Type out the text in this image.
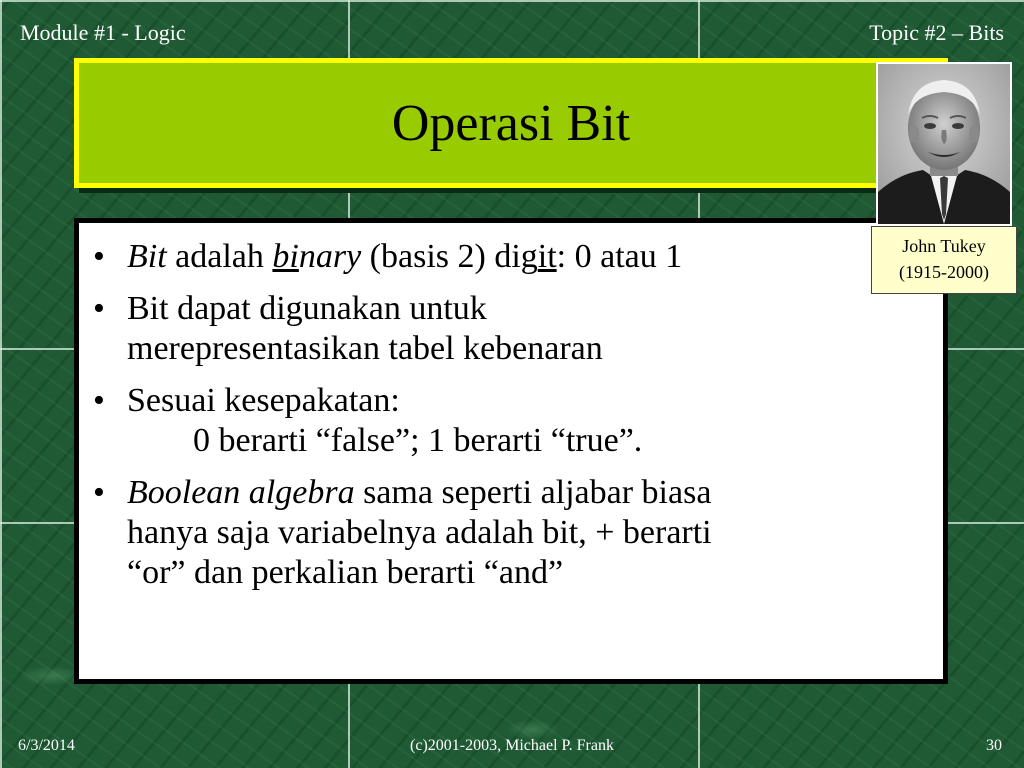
Module #1 - Logic	Topic #2 – Bits
Operasi Bit
• Bit adalah binary (basis 2) digit: 0 atau 1
• Bit dapat digunakan untuk
merepresentasikan tabel kebenaran
• Sesuai kesepakatan:
0 berarti “false”; 1 berarti “true”.
• Boolean algebra sama seperti aljabar biasa
hanya saja variabelnya adalah bit, + berarti
“or” dan perkalian berarti “and”
John Tukey
(1915-2000)
6/3/2014	(c)2001-2003, Michael P. Frank	30
